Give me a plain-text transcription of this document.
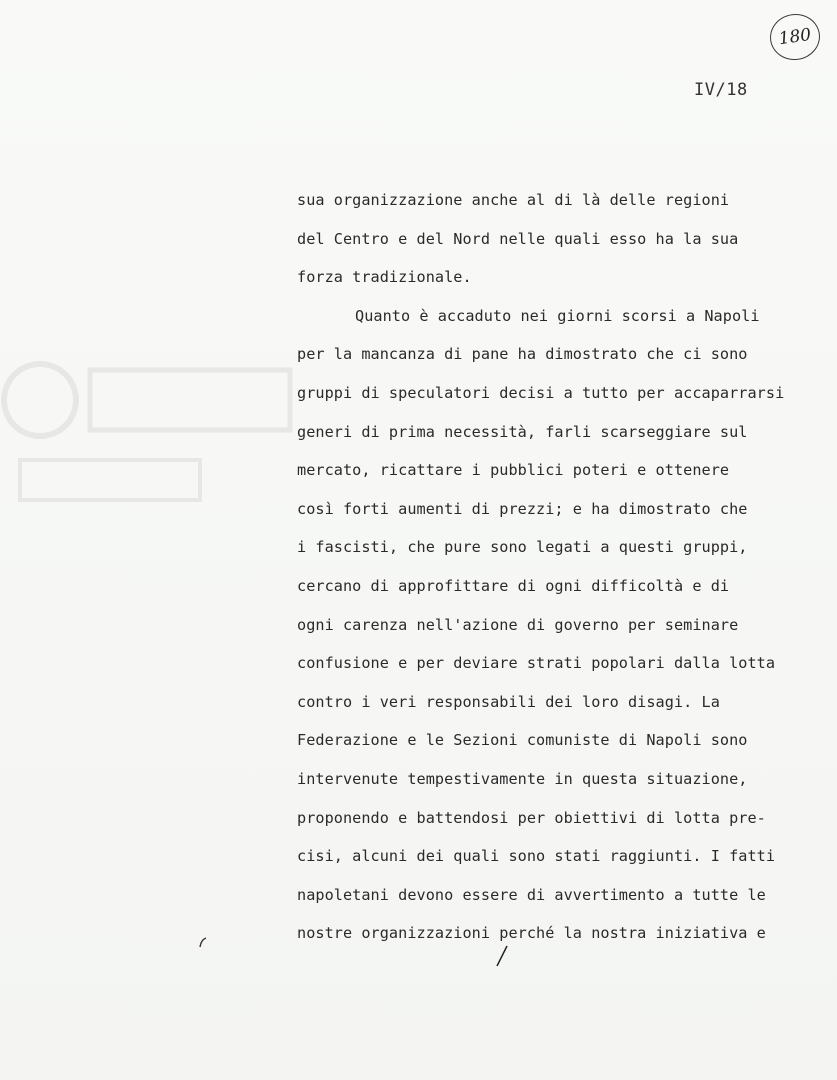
180
IV/18
sua organizzazione anche al di là delle regioni
del Centro e del Nord nelle quali esso ha la sua
forza tradizionale.
Quanto è accaduto nei giorni scorsi a Napoli
per la mancanza di pane ha dimostrato che ci sono
gruppi di speculatori decisi a tutto per accaparrarsi
generi di prima necessità, farli scarseggiare sul
mercato, ricattare i pubblici poteri e ottenere
così forti aumenti di prezzi; e ha dimostrato che
i fascisti, che pure sono legati a questi gruppi,
cercano di approfittare di ogni difficoltà e di
ogni carenza nell'azione di governo per seminare
confusione e per deviare strati popolari dalla lotta
contro i veri responsabili dei loro disagi. La
Federazione e le Sezioni comuniste di Napoli sono
intervenute tempestivamente in questa situazione,
proponendo e battendosi per obiettivi di lotta pre-
cisi, alcuni dei quali sono stati raggiunti. I fatti
napoletani devono essere di avvertimento a tutte le
nostre organizzazioni perché la nostra iniziativa e
